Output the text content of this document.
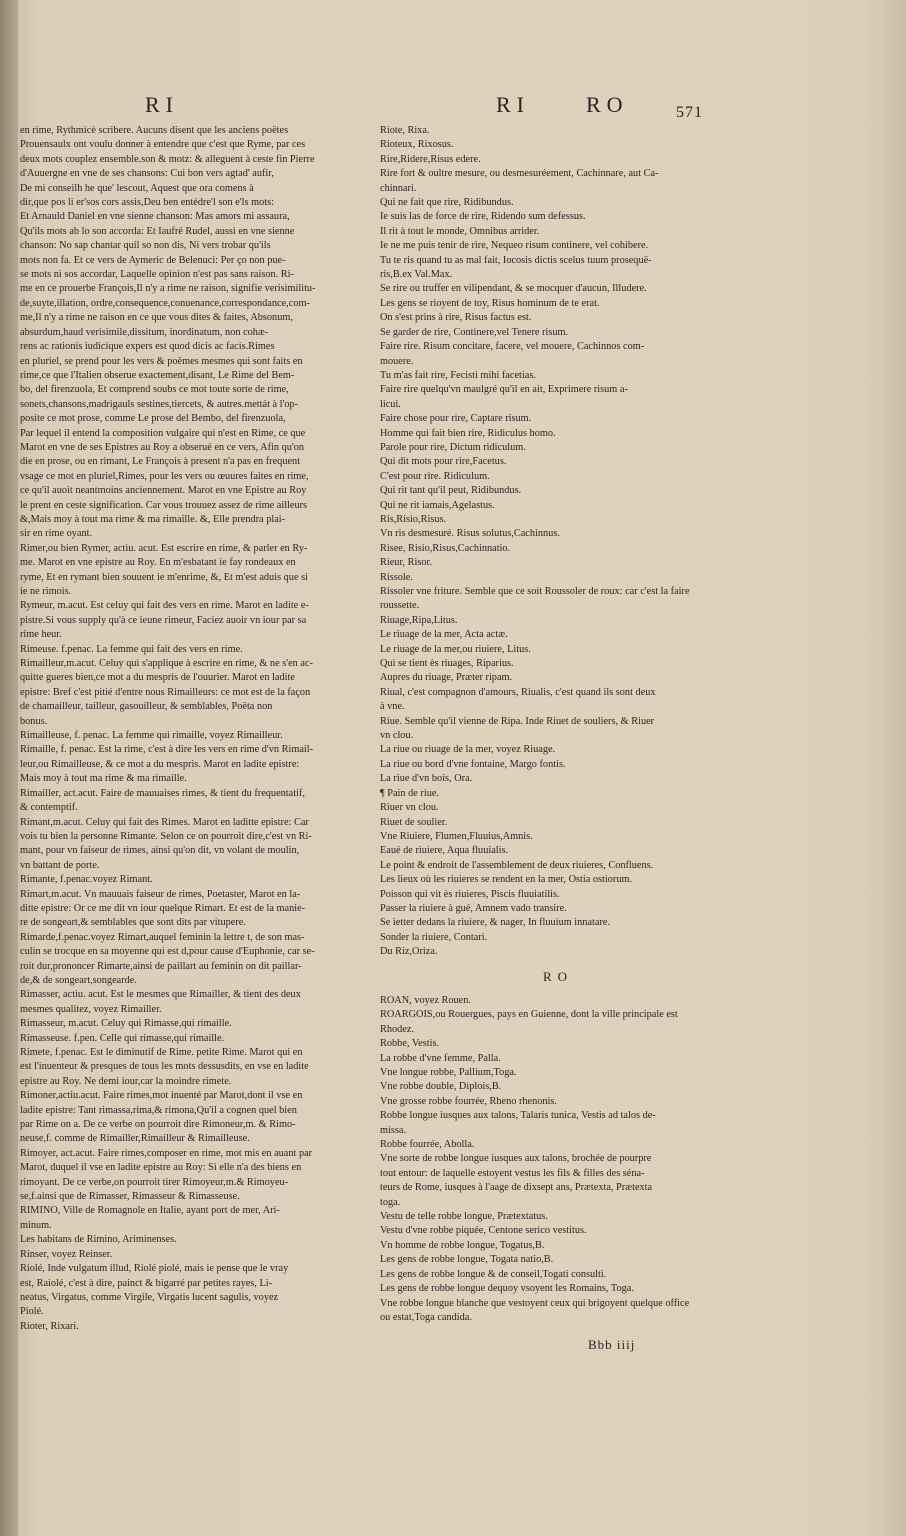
RI	RI	RO	571
en rime, Rythmicè scribere. Aucuns disent que les anciens poëtes
Prouensaulx ont voulu donner à entendre que c'est que Ryme, par ces
deux mots couplez ensemble.son & motz: & alleguent à ceste fin Pierre
d'Auuergne en vne de ses chansons: Cui bon vers agtad' aufir,
De mi conseilh he que' lescout, Aquest que ora comens à
dir,que pos li er'sos cors assis,Deu ben entédre'l son e'ls mots:
Et Arnauld Daniel en vne sienne chanson: Mas amors mi assaura,
Qu'ils mots ab lo son accorda: Et Iaufré Rudel, aussi en vne sienne
chanson: No sap chantar quil so non dis, Ni vers trobar qu'ils
mots non fa. Et ce vers de Aymeric de Belenuci: Per ço non pue-
se mots ni sos accordar, Laquelle opinion n'est pas sans raison. Ri-
me en ce prouerbe François,Il n'y a rime ne raison, signifie verisimilitu-
de,suyte,illation, ordre,consequence,conuenance,correspondance,com-
me,Il n'y a rime ne raison en ce que vous dites & faites, Absonum,
absurdum,haud verisimile,dissitum, inordinatum, non cohæ-
rens ac rationis iudicique expers est quod dicis ac facis.Rimes
en pluriel, se prend pour les vers & poëmes mesmes qui sont faits en
rime,ce que l'Italien obserue exactement,disant, Le Rime del Bem-
bo, del firenzuola, Et comprend soubs ce mot toute sorte de rime,
sonets,chansons,madrigauls sestines,tiercets, & autres.mettát à l'op-
posite ce mot prose, comme Le prose del Bembo, del firenzuola,
Par lequel il entend la composition vulgaire qui n'est en Rime, ce que
Marot en vne de ses Epistres au Roy a obserué en ce vers, Afin qu'on
die en prose, ou en rimant, Le François à present n'a pas en frequent
vsage ce mot en pluriel,Rimes, pour les vers ou œuures faites en rime,
ce qu'il auoit neantmoins anciennement. Marot en vne Epistre au Roy
le prent en ceste signification. Car vous trouuez assez de rime ailleurs
&,Mais moy à tout ma rime & ma rimaille. &, Elle prendra plai-
sir en rime oyant.
Rimer,ou bien Rymer, actiu. acut. Est escrire en rime, & parler en Ry-
me. Marot en vne epistre au Roy. En m'esbatant ie fay rondeaux en
ryme, Et en rymant bien souuent ie m'enrime, &, Et m'est aduis que si
ie ne rimois.
Rymeur, m.acut. Est celuy qui fait des vers en rime. Marot en ladite e-
pistre.Si vous supply qu'à ce ieune rimeur, Faciez auoir vn iour par sa
rime heur.
Rimeuse. f.penac. La femme qui fait des vers en rime.
Rimailleur,m.acut. Celuy qui s'applique à escrire en rime, & ne s'en ac-
quitte gueres bien,ce mot a du mespris de l'ouurier. Marot en ladite
epistre: Bref c'est pitié d'entre nous Rimailleurs: ce mot est de la façon
de chamailleur, tailleur, gasouilleur, & semblables, Poëta non
bonus.
Rimailleuse, f. penac. La femme qui rimaille, voyez Rimailleur.
Rimaille, f. penac. Est la rime, c'est à dire les vers en rime d'vn Rimail-
leur,ou Rimailleuse, & ce mot a du mespris. Marot en ladite epistre:
Mais moy à tout ma rime & ma rimaille.
Rimailler, act.acut. Faire de mauuaises rimes, & tient du frequentatif,
& contemptif.
Rimant,m.acut. Celuy qui fait des Rimes. Marot en laditte epistre: Car
vois tu bien la personne Rimante. Selon ce on pourroit dire,c'est vn Ri-
mant, pour vn faiseur de rimes, ainsi qu'on dit, vn volant de moulin,
vn battant de porte.
Rimante, f.penac.voyez Rimant.
Rimart,m.acut. Vn mauuais faiseur de rimes, Poetaster, Marot en la-
ditte epistre: Or ce me dit vn iour quelque Rimart. Et est de la manie-
re de songeart,& semblables que sont dits par vitupere.
Rimarde,f.penac.voyez Rimart,auquel feminin la lettre t, de son mas-
culin se trocque en sa moyenne qui est d,pour cause d'Euphonie, car se-
roit dur,prononcer Rimarte,ainsi de paillart au feminin on dit paillar-
de,& de songeart,songearde.
Rimasser, actiu. acut. Est le mesmes que Rimailler, & tient des deux
mesmes qualitez, voyez Rimailler.
Rimasseur, m.acut. Celuy qui Rimasse,qui rimaille.
Rimasseuse. f.pen. Celle qui rimasse,qui rimaille.
Rimete, f.penac. Est le diminutif de Rime. petite Rime. Marot qui en
est l'inuenteur & presques de tous les mots dessusdits, en vse en ladite
epistre au Roy. Ne demi iour,car la moindre rimete.
Rimoner,actiu.acut. Faire rimes,mot inuenté par Marot,dont il vse en
ladite epistre: Tant rimassa,rima,& rimona,Qu'il a cognen quel bien
par Rime on a. De ce verbe on pourroit dire Rimoneur,m. & Rimo-
neuse,f. comme de Rimailler,Rimailleur & Rimailleuse.
Rimoyer, act.acut. Faire rimes,composer en rime, mot mis en auant par
Marot, duquel il vse en ladite epistre au Roy: Si elle n'a des biens en
rimoyant. De ce verbe,on pourroit tirer Rimoyeur,m.& Rimoyeu-
se,f.ainsi que de Rimasser, Rimasseur & Rimasseuse.
RIMINO, Ville de Romagnole en Italie, ayant port de mer, Ari-
minum.
Les habitans de Rimino, Ariminenses.
Rinser, voyez Reinser.
Riolé, Inde vulgatum illud, Riolé piolé, mais ie pense que le vray
est, Raiolé, c'est à dire, painct & bigarré par petites rayes, Li-
neatus, Virgatus, comme Virgile, Virgatis lucent sagulis, voyez
Piolé.
Rioter, Rixari.
Riote, Rixa.
Rioteux, Rixosus.
Rire,Ridere,Risus edere.
Rire fort & oultre mesure, ou desmesuréement, Cachinnare, aut Ca-
chinnari.
Qui ne fait que rire, Ridibundus.
Ie suis las de force de rire, Ridendo sum defessus.
Il rit à tout le monde, Omnibus arrider.
Ie ne me puis tenir de rire, Nequeo risum continere, vel cohibere.
Tu te ris quand tu as mal fait, Iocosis dictis scelus tuum prosequë-
ris,B.ex Val.Max.
Se rire ou truffer en vilipendant, & se mocquer d'aucun, Illudere.
Les gens se rioyent de toy, Risus hominum de te erat.
On s'est prins à rire, Risus factus est.
Se garder de rire, Continere,vel Tenere risum.
Faire rire. Risum concitare, facere, vel mouere, Cachinnos com-
mouere.
Tu m'as fait rire, Fecisti mihi facetias.
Faire rire quelqu'vn maulgré qu'il en ait, Exprimere risum a-
licui.
Faire chose pour rire, Captare risum.
Homme qui fait bien rire, Ridiculus homo.
Parole pour rire, Dictum ridiculum.
Qui dit mots pour rire,Facetus.
C'est pour rire. Ridiculum.
Qui rit tant qu'il peut, Ridibundus.
Qui ne rit iamais,Agelastus.
Ris,Risio,Risus.
Vn ris desmesuré. Risus solutus,Cachinnus.
Risee, Risio,Risus,Cachinnatio.
Rieur, Risor.
Rissole.
Rissoler vne friture. Semble que ce soit Roussoler de roux: car c'est la faire
roussette.
Riuage,Ripa,Litus.
Le riuage de la mer, Acta actæ.
Le riuage de la mer,ou riuiere, Litus.
Qui se tient ès riuages, Riparius.
Aupres du riuage, Præter ripam.
Riual, c'est compagnon d'amours, Riualis, c'est quand ils sont deux
à vne.
Riue. Semble qu'il vienne de Ripa. Inde Riuet de souliers, & Riuer
vn clou.
La riue ou riuage de la mer, voyez Riuage.
La riue ou bord d'vne fontaine, Margo fontis.
La riue d'vn bois, Ora.
¶ Pain de riue.
Riuer vn clou.
Riuet de soulier.
Vne Riuiere, Flumen,Fluuius,Amnis.
Eaué de riuiere, Aqua fluuialis.
Le point & endroit de l'assemblement de deux riuieres, Confluens.
Les lieux où les riuieres se rendent en la mer, Ostia ostiorum.
Poisson qui vit ès riuieres, Piscis fluuiatilis.
Passer la riuiere à gué, Amnem vado transire.
Se ietter dedans la riuiere, & nager, In fluuium innatare.
Sonder la riuiere, Contari.
Du Riz,Oriza.
RO
ROAN, voyez Rouen.
ROARGOIS,ou Rouergues, pays en Guienne, dont la ville principale est
Rhodez.
Robbe, Vestis.
La robbe d'vne femme, Palla.
Vne longue robbe, Pallium,Toga.
Vne robbe double, Diplois,B.
Vne grosse robbe fourrée, Rheno rhenonis.
Robbe longue iusques aux talons, Talaris tunica, Vestis ad talos de-
missa.
Robbe fourrée, Abolla.
Vne sorte de robbe longue iusques aux talons, brochée de pourpre
tout entour: de laquelle estoyent vestus les fils & filles des séna-
teurs de Rome, iusques à l'aage de dixsept ans, Prætexta, Prætexta
toga.
Vestu de telle robbe longue, Prætextatus.
Vestu d'vne robbe piquée, Centone serico vestitus.
Vn homme de robbe longue, Togatus,B.
Les gens de robbe longue, Togata natio,B.
Les gens de robbe longue & de conseil,Togati consulti.
Les gens de robbe longue dequoy vsoyent les Romains, Toga.
Vne robbe longue blanche que vestoyent ceux qui brigoyent quelque office
ou estat,Toga candida.
Bbb iiij
